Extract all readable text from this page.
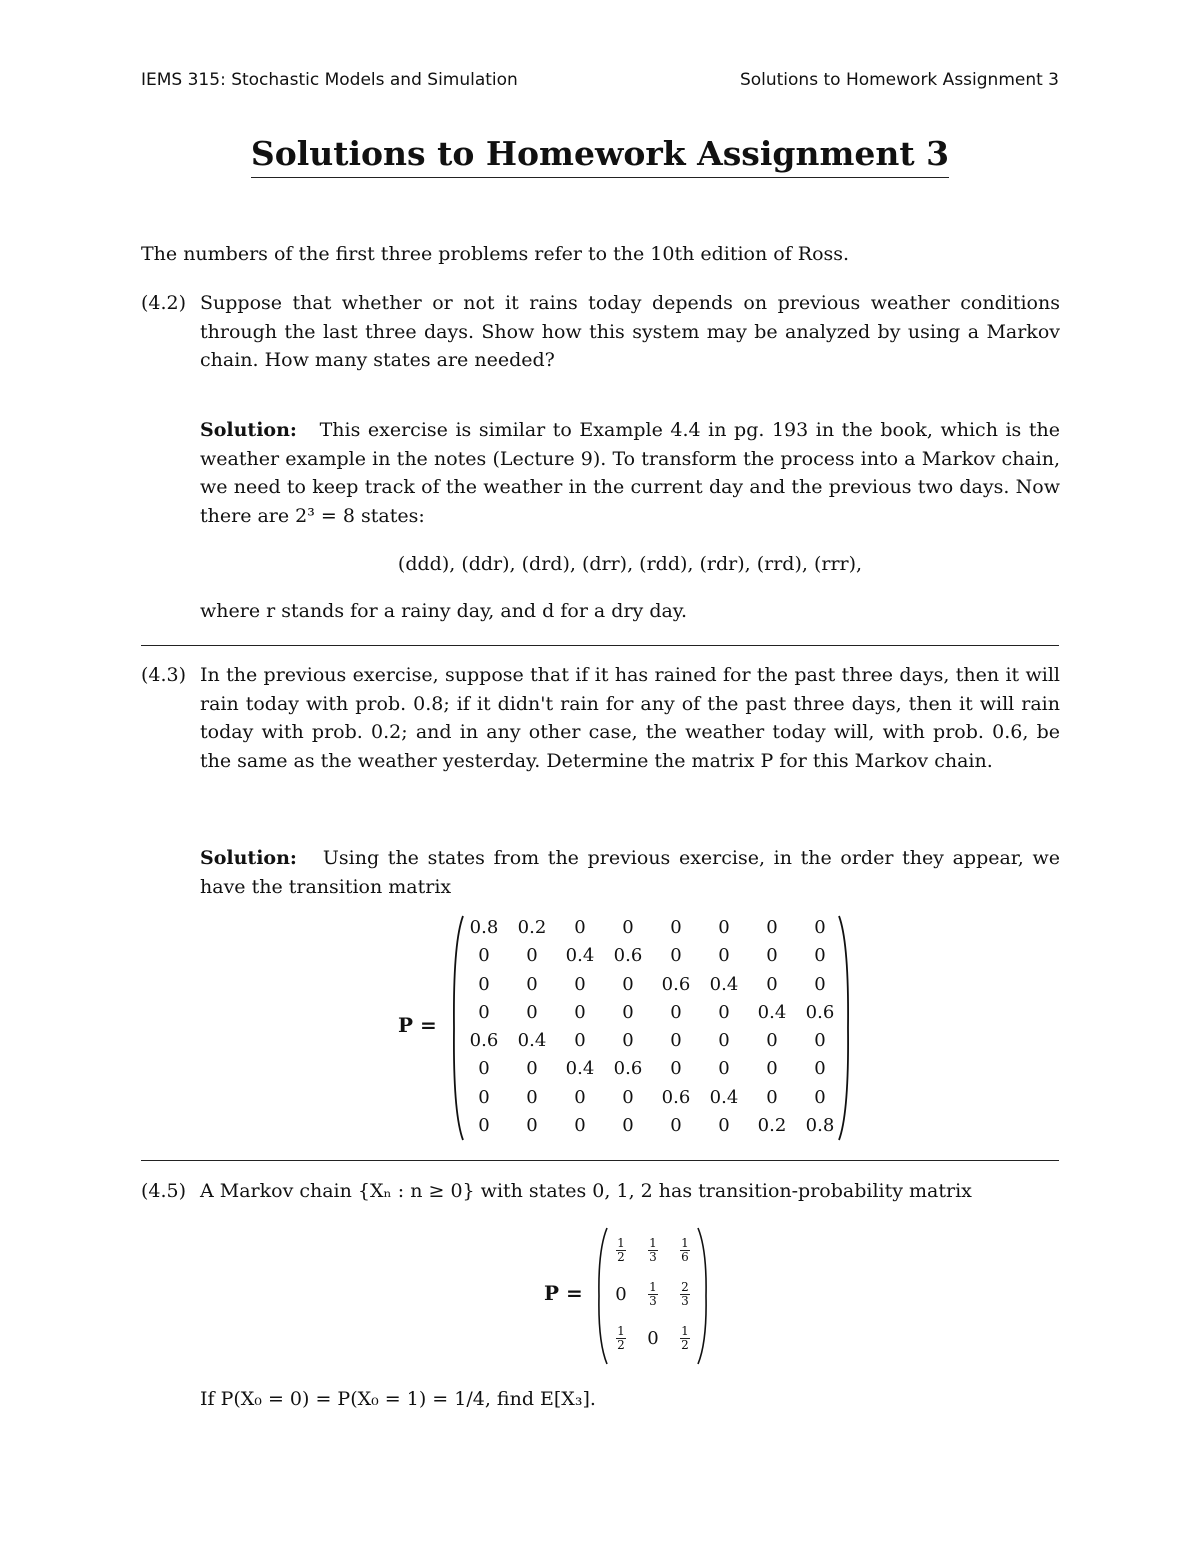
IEMS 315: Stochastic Models and Simulation	Solutions to Homework Assignment 3
Solutions to Homework Assignment 3
The numbers of the first three problems refer to the 10th edition of Ross.
(4.2) Suppose that whether or not it rains today depends on previous weather conditions through the last three days. Show how this system may be analyzed by using a Markov chain. How many states are needed?
Solution: This exercise is similar to Example 4.4 in pg. 193 in the book, which is the weather example in the notes (Lecture 9). To transform the process into a Markov chain, we need to keep track of the weather in the current day and the previous two days. Now there are 2³ = 8 states:
(ddd), (ddr), (drd), (drr), (rdd), (rdr), (rrd), (rrr),
where r stands for a rainy day, and d for a dry day.
(4.3) In the previous exercise, suppose that if it has rained for the past three days, then it will rain today with prob. 0.8; if it didn't rain for any of the past three days, then it will rain today with prob. 0.2; and in any other case, the weather today will, with prob. 0.6, be the same as the weather yesterday. Determine the matrix P for this Markov chain.
Solution: Using the states from the previous exercise, in the order they appear, we have the transition matrix
P =
0.8	0.2	0	0	0	0	0	0
0	0	0.4	0.6	0	0	0	0
0	0	0	0	0.6	0.4	0	0
0	0	0	0	0	0	0.4	0.6
0.6	0.4	0	0	0	0	0	0
0	0	0.4	0.6	0	0	0	0
0	0	0	0	0.6	0.4	0	0
0	0	0	0	0	0	0.2	0.8
(4.5) A Markov chain {Xₙ : n ≥ 0} with states 0, 1, 2 has transition-probability matrix
P =
$\frac{1}{2}$	$\frac{1}{3}$	$\frac{1}{6}$

0	$\frac{1}{3}$	$\frac{2}{3}$

$\frac{1}{2}$	0	$\frac{1}{2}$
If P(X₀ = 0) = P(X₀ = 1) = 1/4, find E[X₃].
